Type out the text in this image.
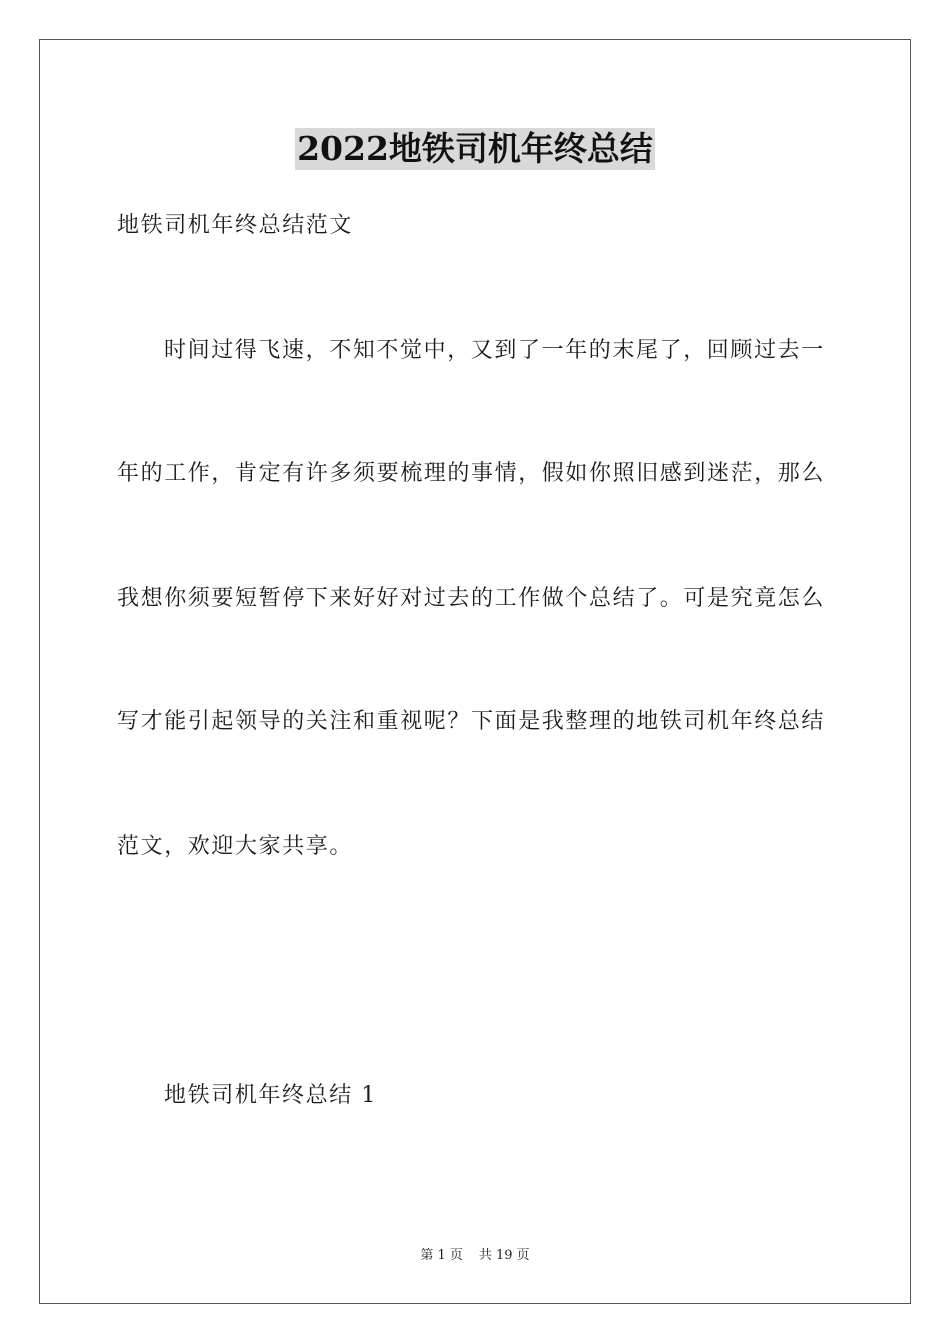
2022地铁司机年终总结
地铁司机年终总结范文
时间过得飞速，不知不觉中，又到了一年的末尾了，回顾过去一
年的工作，肯定有许多须要梳理的事情，假如你照旧感到迷茫，那么
我想你须要短暂停下来好好对过去的工作做个总结了。可是究竟怎么
写才能引起领导的关注和重视呢？下面是我整理的地铁司机年终总结
范文，欢迎大家共享。
地铁司机年终总结 1
第 1 页 共 19 页
